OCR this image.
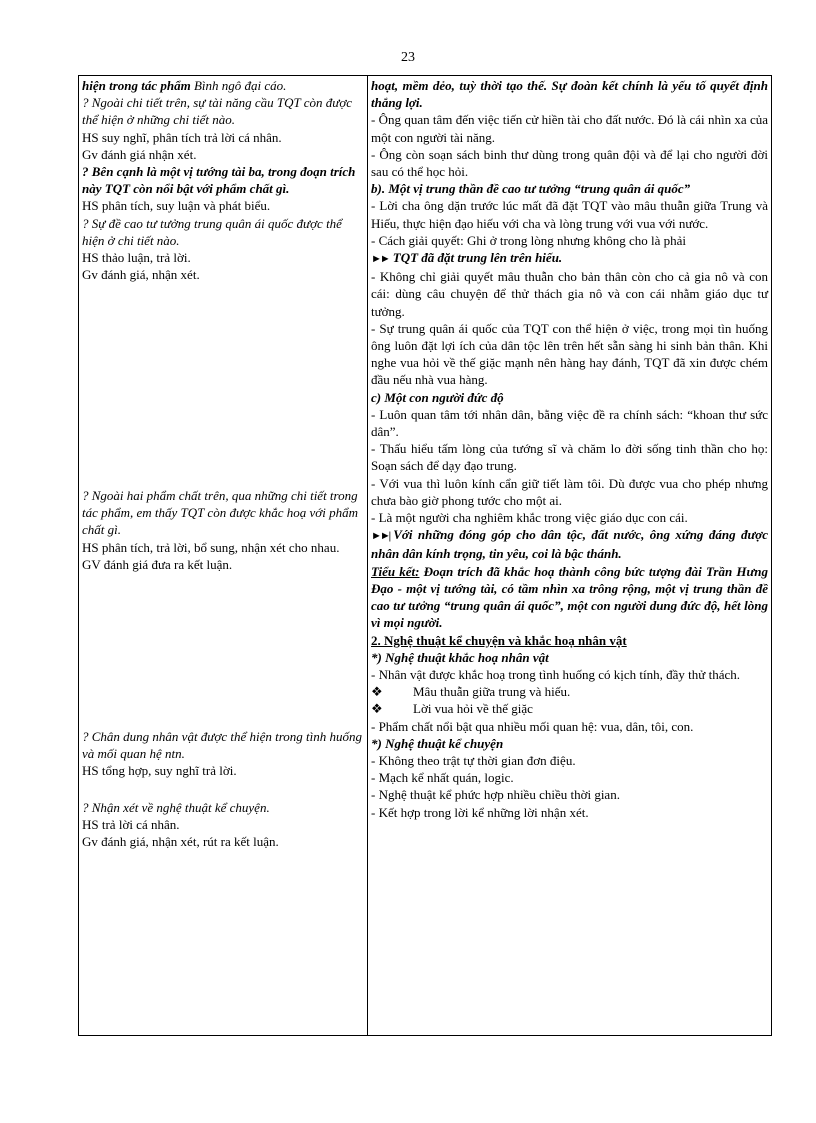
23

hiện trong tác phẩm Bình ngô đại cáo.

? Ngoài chi tiết trên, sự tài năng cầu TQT còn được thể hiện ở những chi tiết nào.

HS suy nghĩ, phân tích trả lời cá nhân.

Gv đánh giá nhận xét.

? Bên cạnh là một vị tướng tài ba, trong đoạn trích này TQT còn nổi bật với phẩm chất gì.

HS phân tích, suy luận và phát biểu.

? Sự đề cao tư tưởng trung quân ái quốc được thể hiện ở chi tiết nào.

HS thảo luận, trả lời.

Gv đánh giá, nhận xét.

? Ngoài hai phẩm chất trên, qua những chi tiết trong tác phẩm, em thấy TQT còn được khắc hoạ với phẩm chất gì.

HS phân tích, trả lời, bổ sung, nhận xét cho nhau.

GV đánh giá đưa ra kết luận.

? Chân dung nhân vật được thể hiện trong tình huống và mối quan hệ ntn.

HS tổng hợp, suy nghĩ trả lời.

? Nhận xét về nghệ thuật kể chuyện.

HS trả lời cá nhân.

Gv đánh giá, nhận xét, rút ra kết luận.

hoạt, mềm dẻo, tuỳ thời tạo thế. Sự đoàn kết chính là yếu tố quyết định thắng lợi.

- Ông quan tâm đến việc tiến cử hiền tài cho đất nước. Đó là cái nhìn xa của một con người tài năng.

- Ông còn soạn sách binh thư dùng trong quân đội và để lại cho người đời sau có thể học hỏi.

b). Một vị trung thần đề cao tư tưởng “trung quân ái quốc”

- Lời cha ông dặn trước lúc mất đã đặt TQT vào mâu thuẫn giữa Trung và Hiếu, thực hiện đạo hiếu với cha và lòng trung với vua với nước.

- Cách giải quyết: Ghi ở trong lòng nhưng không cho là phải

►► TQT đã đặt trung lên trên hiếu.

- Không chỉ giải quyết mâu thuẫn cho bản thân còn cho cả gia nô và con cái: dùng câu chuyện để thử thách gia nô và con cái nhằm giáo dục tư tưởng.

- Sự trung quân ái quốc của TQT con thể hiện ở việc, trong mọi tìn huống ông luôn đặt lợi ích của dân tộc lên trên hết sẵn sàng hi sinh bản thân. Khi nghe vua hỏi về thế giặc mạnh nên hàng hay đánh, TQT đã xin được chém đầu nếu nhà vua hàng.

c) Một con người đức độ

- Luôn quan tâm tới nhân dân, bằng việc đề ra chính sách: “khoan thư sức dân”.

- Thấu hiểu tấm lòng của tướng sĩ và chăm lo đời sống tinh thần cho họ: Soạn sách để dạy đạo trung.

- Với vua thì luôn kính cẩn giữ tiết làm tôi. Dù được vua cho phép nhưng chưa bào giờ phong tước cho một ai.

- Là một người cha nghiêm khắc trong việc giáo dục con cái.

►►| Với những đóng góp cho dân tộc, đất nước, ông xứng đáng được nhân dân kính trọng, tin yêu, coi là bậc thánh.

Tiểu kết: Đoạn trích đã khắc hoạ thành công bức tượng đài Trần Hưng Đạo - một vị tướng tài, có tầm nhìn xa trông rộng, một vị trung thần đề cao tư tưởng “trung quân ái quốc”, một con người dung đức độ, hết lòng vì mọi người.

2. Nghệ thuật kể chuyện và khắc hoạ nhân vật

*) Nghệ thuật khắc hoạ nhân vật

- Nhân vật được khắc hoạ trong tình huống có kịch tính, đầy thử thách.

❖ Mâu thuẫn giữa trung và hiếu.

❖ Lời vua hỏi về thế giặc

- Phẩm chất nổi bật qua nhiều mối quan hệ: vua, dân, tôi, con.

*) Nghệ thuật kể chuyện

- Không theo trật tự thời gian đơn điệu.

- Mạch kể nhất quán, logic.

- Nghệ thuật kể phức hợp nhiều chiều thời gian.

- Kết hợp trong lời kể những lời nhận xét.
